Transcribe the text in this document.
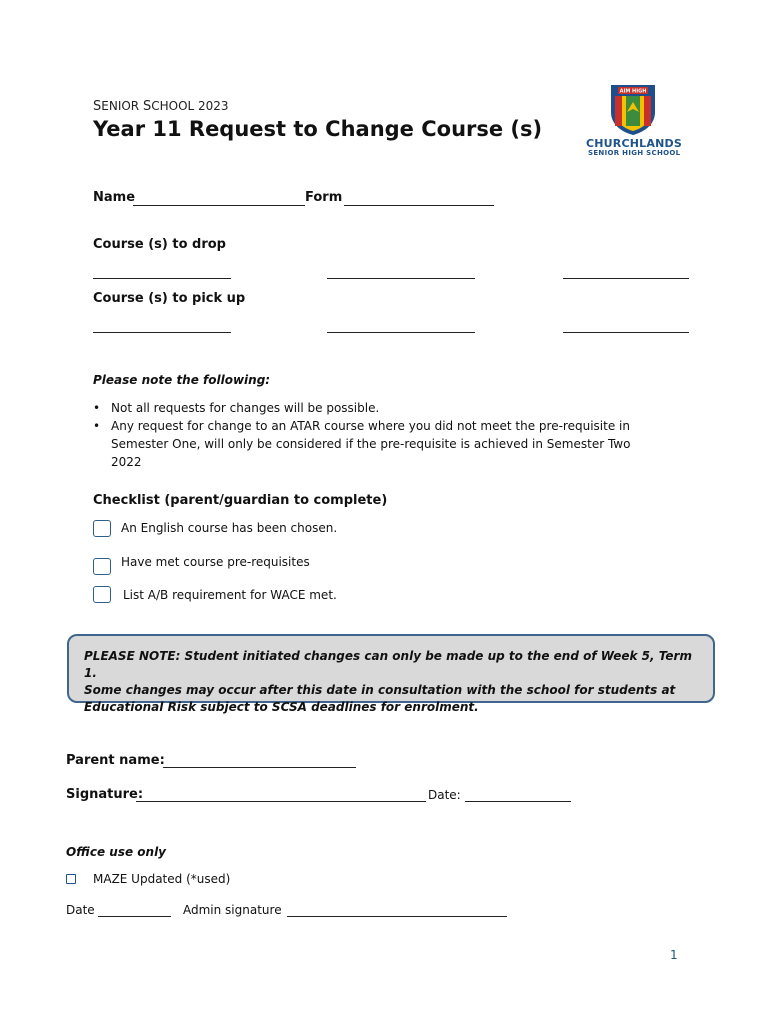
SENIOR SCHOOL 2023
Year 11 Request to Change Course (s)
AIM HIGH
CHURCHLANDS
SENIOR HIGH SCHOOL
Name	Form
Course (s) to drop
Course (s) to pick up
Please note the following:
• Not all requests for changes will be possible.
• Any request for change to an ATAR course where you did not meet the pre-requisite in Semester One, will only be considered if the pre-requisite is achieved in Semester Two 2022
Checklist (parent/guardian to complete)
An English course has been chosen.
Have met course pre-requisites
List A/B requirement for WACE met.
PLEASE NOTE: Student initiated changes can only be made up to the end of Week 5, Term 1.
Some changes may occur after this date in consultation with the school for students at Educational Risk subject to SCSA deadlines for enrolment.
Parent name:
Signature:	Date:
Office use only
MAZE Updated (*used)
Date	Admin signature
1
